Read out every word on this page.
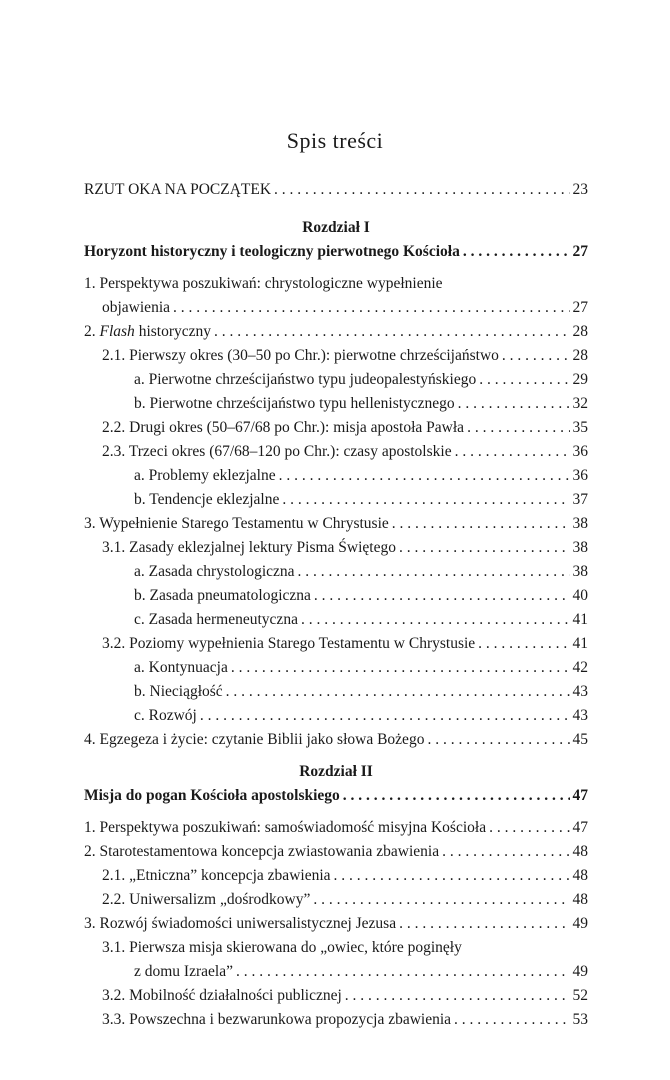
Spis treści
RZUT OKA NA POCZĄTEK . . .	23
Rozdział I
Horyzont historyczny i teologiczny pierwotnego Kościoła . . .	27
1. Perspektywa poszukiwań: chrystologiczne wypełnienie
objawienia . . .	27
2. Flash historyczny . . .	28
2.1. Pierwszy okres (30–50 po Chr.): pierwotne chrześcijaństwo . . .	28
a. Pierwotne chrześcijaństwo typu judeopalestyńskiego . . .	29
b. Pierwotne chrześcijaństwo typu hellenistycznego . . .	32
2.2. Drugi okres (50–67/68 po Chr.): misja apostoła Pawła . . .	35
2.3. Trzeci okres (67/68–120 po Chr.): czasy apostolskie . . .	36
a. Problemy eklezjalne . . .	36
b. Tendencje eklezjalne . . .	37
3. Wypełnienie Starego Testamentu w Chrystusie . . .	38
3.1. Zasady eklezjalnej lektury Pisma Świętego . . .	38
a. Zasada chrystologiczna . . .	38
b. Zasada pneumatologiczna . . .	40
c. Zasada hermeneutyczna . . .	41
3.2. Poziomy wypełnienia Starego Testamentu w Chrystusie . . .	41
a. Kontynuacja . . .	42
b. Nieciągłość . . .	43
c. Rozwój . . .	43
4. Egzegeza i życie: czytanie Biblii jako słowa Bożego . . .	45
Rozdział II
Misja do pogan Kościoła apostolskiego . . .	47
1. Perspektywa poszukiwań: samoświadomość misyjna Kościoła . . .	47
2. Starotestamentowa koncepcja zwiastowania zbawienia . . .	48
2.1. „Etniczna” koncepcja zbawienia . . .	48
2.2. Uniwersalizm „dośrodkowy” . . .	48
3. Rozwój świadomości uniwersalistycznej Jezusa . . .	49
3.1. Pierwsza misja skierowana do „owiec, które poginęły
z domu Izraela” . . .	49
3.2. Mobilność działalności publicznej . . .	52
3.3. Powszechna i bezwarunkowa propozycja zbawienia . . .	53
